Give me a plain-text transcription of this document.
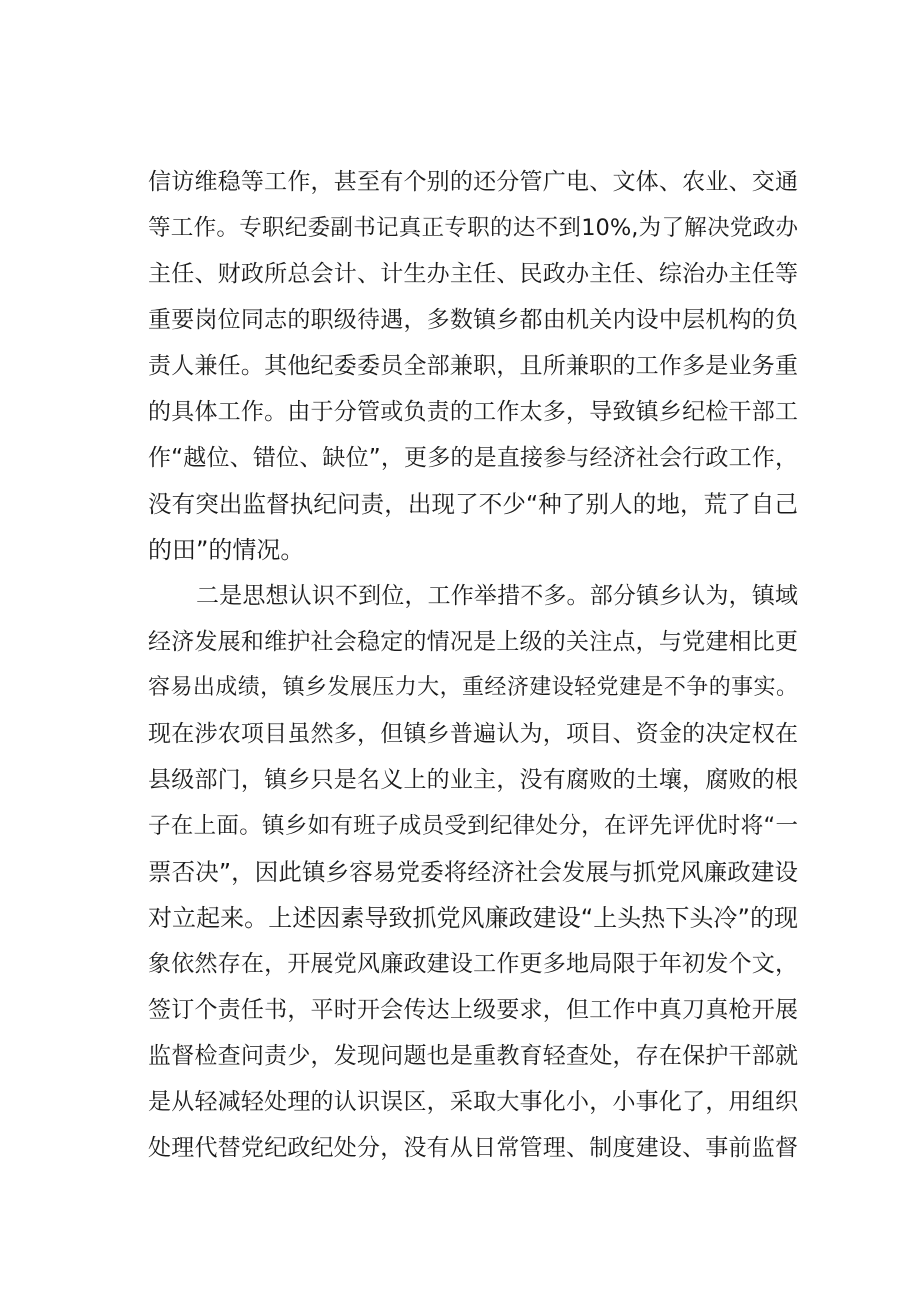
信访维稳等工作，甚至有个别的还分管广电、文体、农业、交通
等工作。专职纪委副书记真正专职的达不到10%,为了解决党政办
主任、财政所总会计、计生办主任、民政办主任、综治办主任等
重要岗位同志的职级待遇，多数镇乡都由机关内设中层机构的负
责人兼任。其他纪委委员全部兼职，且所兼职的工作多是业务重
的具体工作。由于分管或负责的工作太多，导致镇乡纪检干部工
作“越位、错位、缺位”，更多的是直接参与经济社会行政工作，
没有突出监督执纪问责，出现了不少“种了别人的地，荒了自己
二是思想认识不到位，工作举措不多。部分镇乡认为，镇域
经济发展和维护社会稳定的情况是上级的关注点，与党建相比更
容易出成绩，镇乡发展压力大，重经济建设轻党建是不争的事实。
现在涉农项目虽然多，但镇乡普遍认为，项目、资金的决定权在
县级部门，镇乡只是名义上的业主，没有腐败的土壤，腐败的根
子在上面。镇乡如有班子成员受到纪律处分，在评先评优时将“一
票否决”，因此镇乡容易党委将经济社会发展与抓党风廉政建设
对立起来。上述因素导致抓党风廉政建设“上头热下头冷”的现
象依然存在，开展党风廉政建设工作更多地局限于年初发个文，
签订个责任书，平时开会传达上级要求，但工作中真刀真枪开展
监督检查问责少，发现问题也是重教育轻查处，存在保护干部就
是从轻减轻处理的认识误区，采取大事化小，小事化了，用组织
处理代替党纪政纪处分，没有从日常管理、制度建设、事前监督
的田”的情况。
